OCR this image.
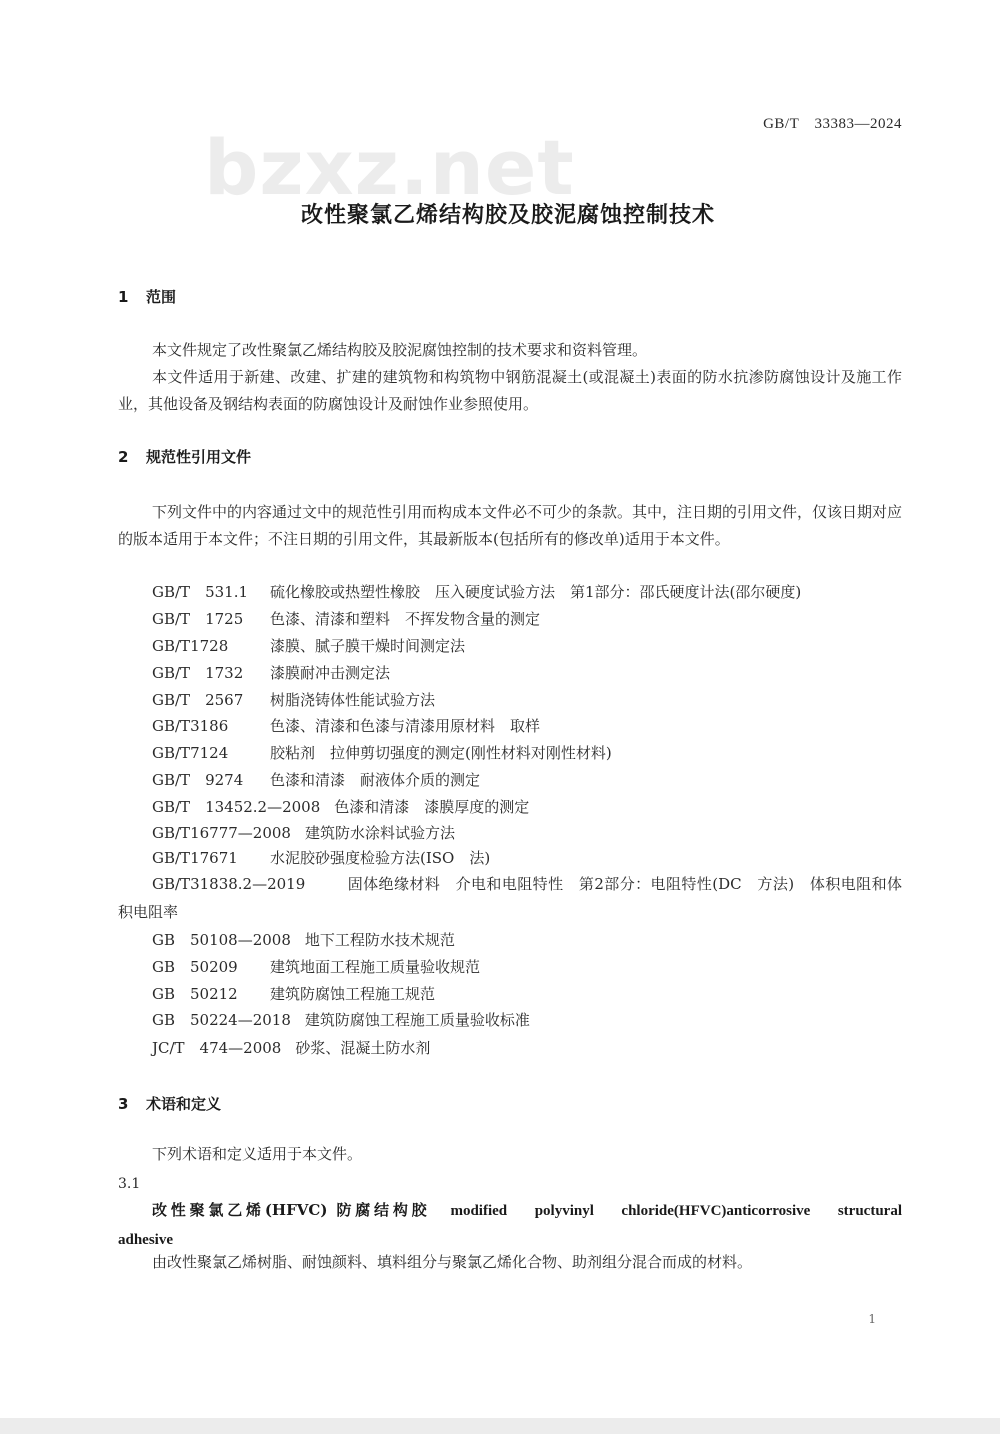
bzxz.net	GB/T　33383—2024
改性聚氯乙烯结构胶及胶泥腐蚀控制技术
1 范围
本文件规定了改性聚氯乙烯结构胶及胶泥腐蚀控制的技术要求和资料管理。
本文件适用于新建、改建、扩建的建筑物和构筑物中钢筋混凝土(或混凝土)表面的防水抗渗防腐蚀设计及施工作业，其他设备及钢结构表面的防腐蚀设计及耐蚀作业参照使用。
2 规范性引用文件
下列文件中的内容通过文中的规范性引用而构成本文件必不可少的条款。其中，注日期的引用文件，仅该日期对应的版本适用于本文件；不注日期的引用文件，其最新版本(包括所有的修改单)适用于本文件。
GB/T　531.1 硫化橡胶或热塑性橡胶　压入硬度试验方法　第1部分：邵氏硬度计法(邵尔硬度)
GB/T　1725 色漆、清漆和塑料　不挥发物含量的测定
GB/T1728	漆膜、腻子膜干燥时间测定法
GB/T　1732 漆膜耐冲击测定法
GB/T　2567 树脂浇铸体性能试验方法
GB/T3186	色漆、清漆和色漆与清漆用原材料　取样
GB/T7124	胶粘剂　拉伸剪切强度的测定(刚性材料对刚性材料)
GB/T　9274 色漆和清漆　耐液体介质的测定
GB/T　13452.2—2008 色漆和清漆　漆膜厚度的测定
GB/T16777—2008 建筑防水涂料试验方法
GB/T17671 水泥胶砂强度检验方法(ISO　法)
GB/T31838.2—2019	固体绝缘材料　介电和电阻特性　第2部分：电阻特性(DC　方法)　体积电阻和体积电阻率
GB　50108—2008 地下工程防水技术规范
GB　50209 建筑地面工程施工质量验收规范
GB　50212 建筑防腐蚀工程施工规范
GB　50224—2018 建筑防腐蚀工程施工质量验收标准
JC/T　474—2008 砂浆、混凝土防水剂
3 术语和定义
下列术语和定义适用于本文件。
3.1
改性聚氯乙烯(HFVC) 防腐结构胶 modified polyvinyl chloride(HFVC)anticorrosive structural adhesive
由改性聚氯乙烯树脂、耐蚀颜料、填料组分与聚氯乙烯化合物、助剂组分混合而成的材料。
1
